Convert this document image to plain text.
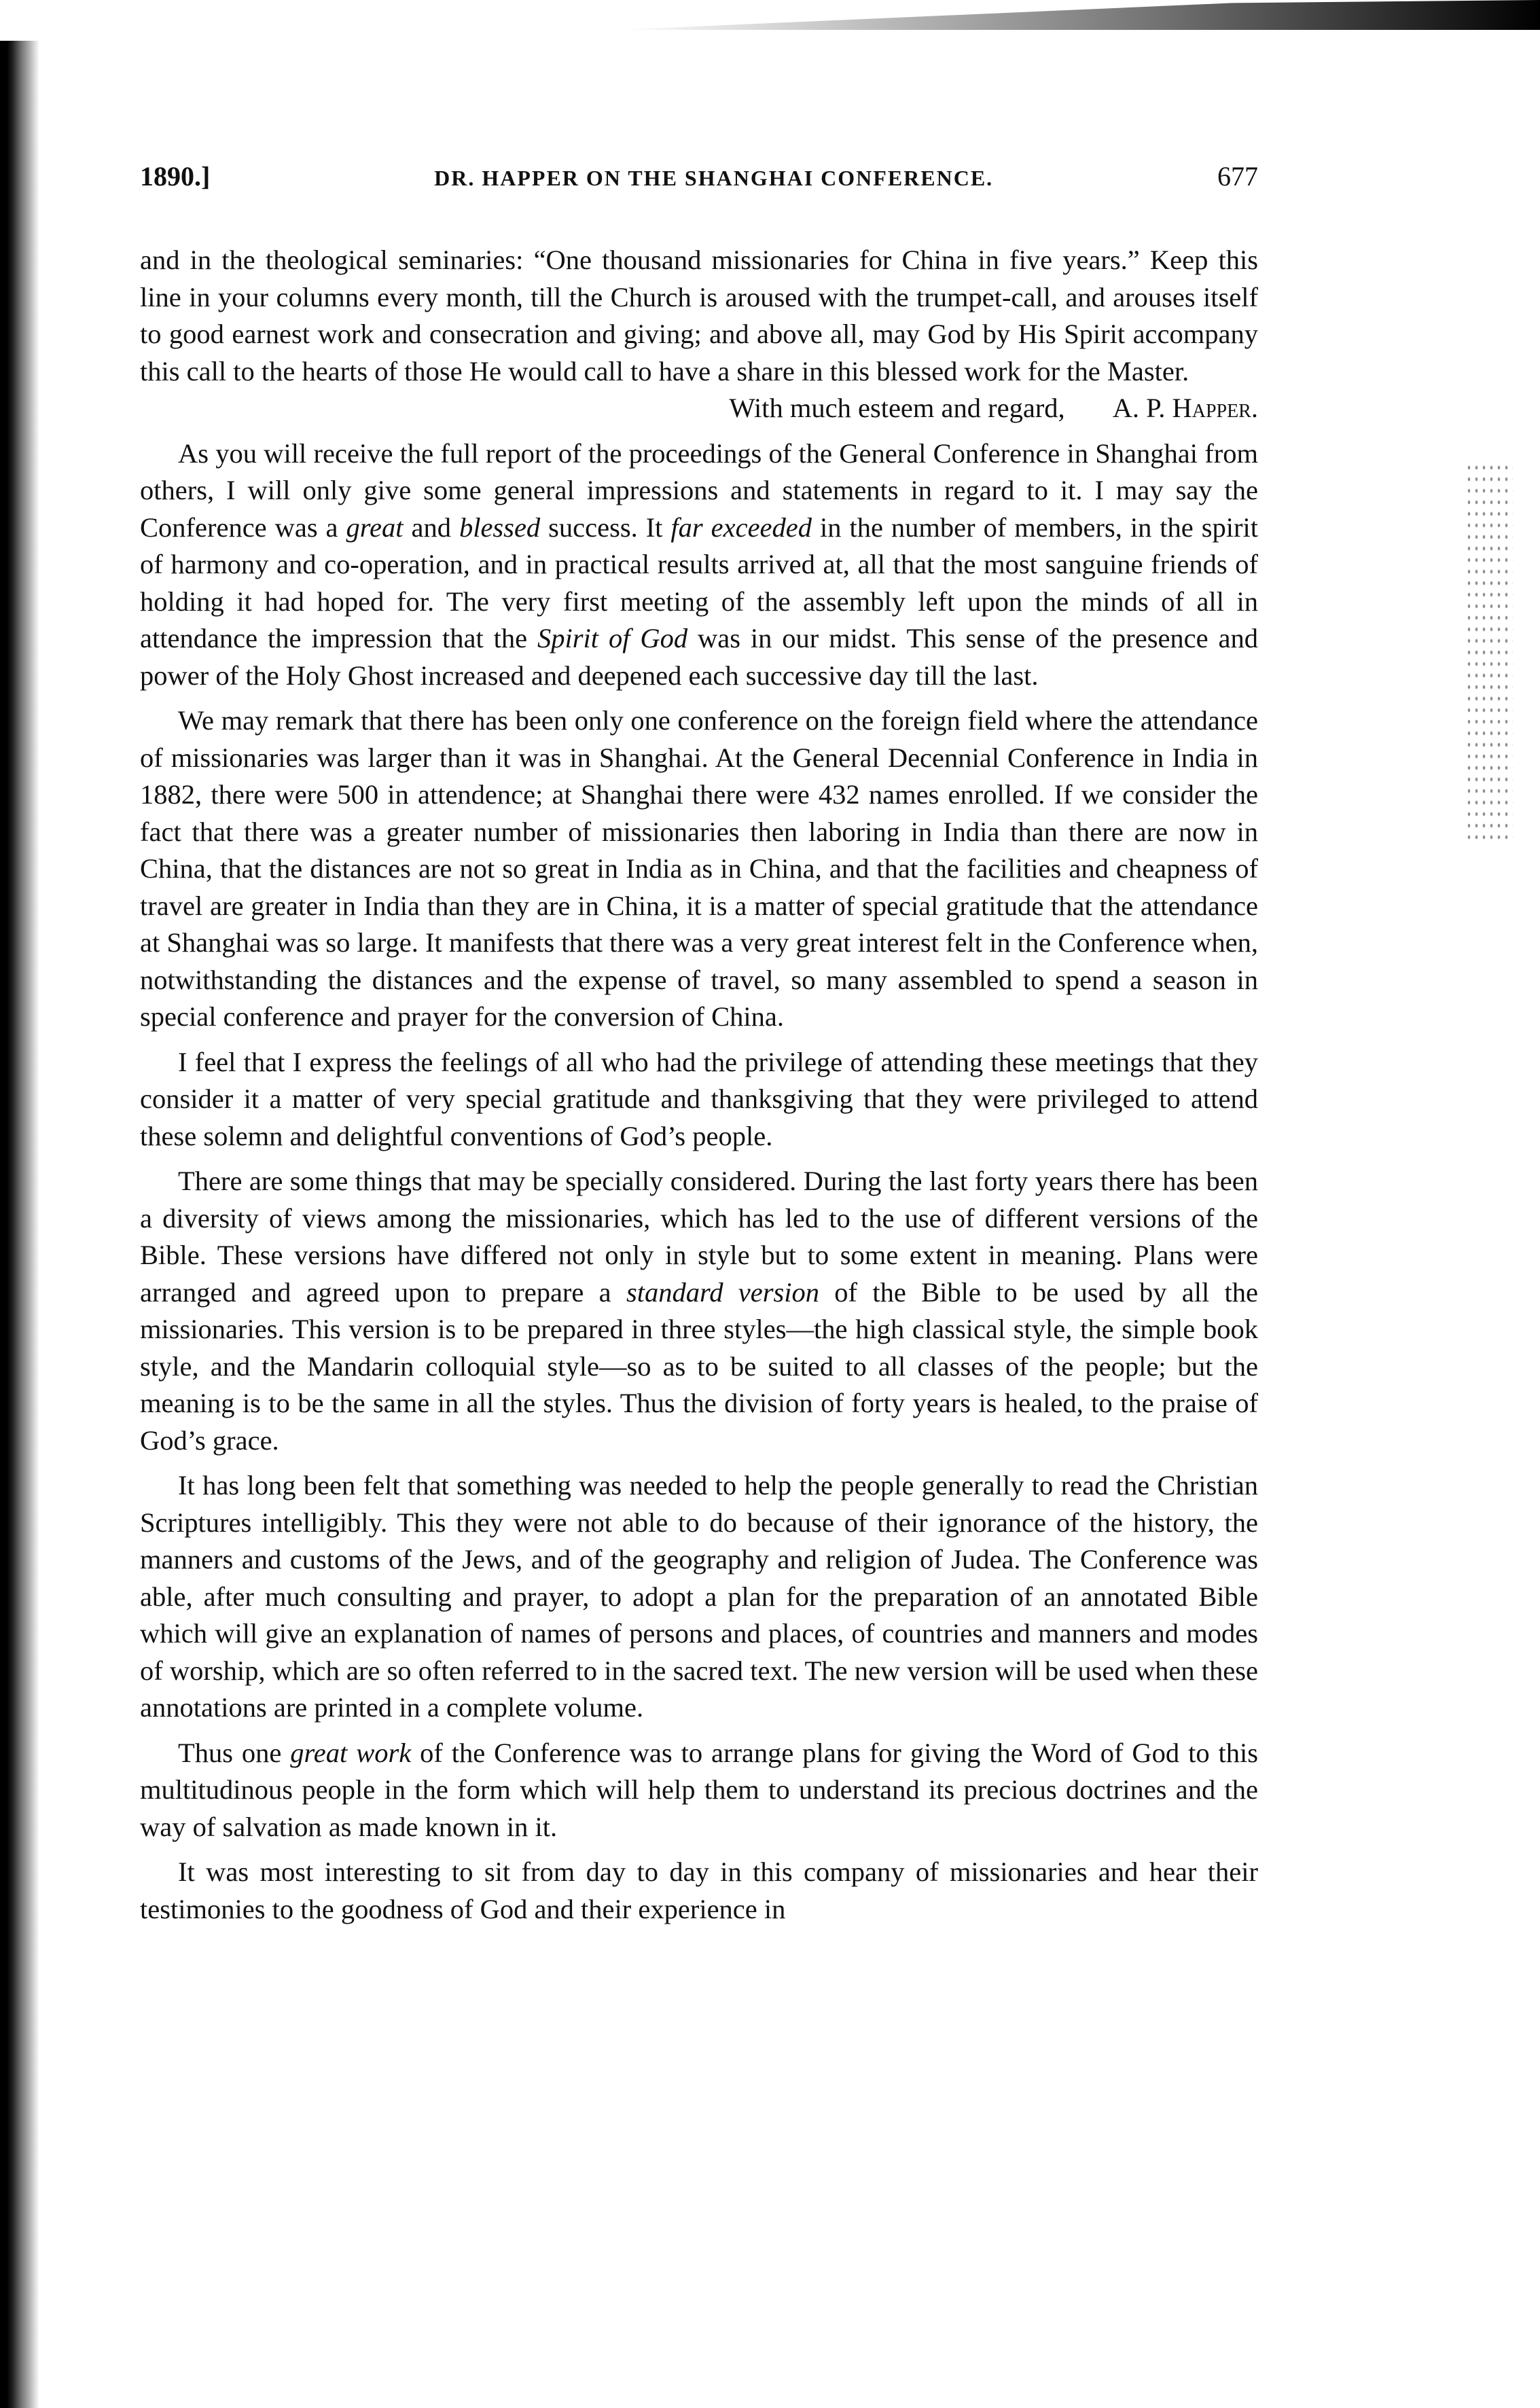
1890.]	DR. HAPPER ON THE SHANGHAI CONFERENCE.	677

and in the theological seminaries: “One thousand missionaries for China in five years.” Keep this line in your columns every month, till the Church is aroused with the trumpet-call, and arouses itself to good earnest work and consecration and giving; and above all, may God by His Spirit accompany this call to the hearts of those He would call to have a share in this blessed work for the Master.

With much esteem and regard, A. P. Happer.

As you will receive the full report of the proceedings of the General Conference in Shanghai from others, I will only give some general impressions and statements in regard to it. I may say the Conference was a great and blessed success. It far exceeded in the number of members, in the spirit of harmony and co-operation, and in practical results arrived at, all that the most sanguine friends of holding it had hoped for. The very first meeting of the assembly left upon the minds of all in attendance the impression that the Spirit of God was in our midst. This sense of the presence and power of the Holy Ghost increased and deepened each successive day till the last.

We may remark that there has been only one conference on the foreign field where the attendance of missionaries was larger than it was in Shanghai. At the General Decennial Conference in India in 1882, there were 500 in attendence; at Shanghai there were 432 names enrolled. If we consider the fact that there was a greater number of missionaries then laboring in India than there are now in China, that the distances are not so great in India as in China, and that the facilities and cheapness of travel are greater in India than they are in China, it is a matter of special gratitude that the attendance at Shanghai was so large. It manifests that there was a very great interest felt in the Conference when, notwithstanding the distances and the expense of travel, so many assembled to spend a season in special conference and prayer for the conversion of China.

I feel that I express the feelings of all who had the privilege of attending these meetings that they consider it a matter of very special gratitude and thanksgiving that they were privileged to attend these solemn and delightful conventions of God’s people.

There are some things that may be specially considered. During the last forty years there has been a diversity of views among the missionaries, which has led to the use of different versions of the Bible. These versions have differed not only in style but to some extent in meaning. Plans were arranged and agreed upon to prepare a standard version of the Bible to be used by all the missionaries. This version is to be prepared in three styles—the high classical style, the simple book style, and the Mandarin colloquial style—so as to be suited to all classes of the people; but the meaning is to be the same in all the styles. Thus the division of forty years is healed, to the praise of God’s grace.

It has long been felt that something was needed to help the people generally to read the Christian Scriptures intelligibly. This they were not able to do because of their ignorance of the history, the manners and customs of the Jews, and of the geography and religion of Judea. The Conference was able, after much consulting and prayer, to adopt a plan for the preparation of an annotated Bible which will give an explanation of names of persons and places, of countries and manners and modes of worship, which are so often referred to in the sacred text. The new version will be used when these annotations are printed in a complete volume.

Thus one great work of the Conference was to arrange plans for giving the Word of God to this multitudinous people in the form which will help them to understand its precious doctrines and the way of salvation as made known in it.

It was most interesting to sit from day to day in this company of missionaries and hear their testimonies to the goodness of God and their experience in
